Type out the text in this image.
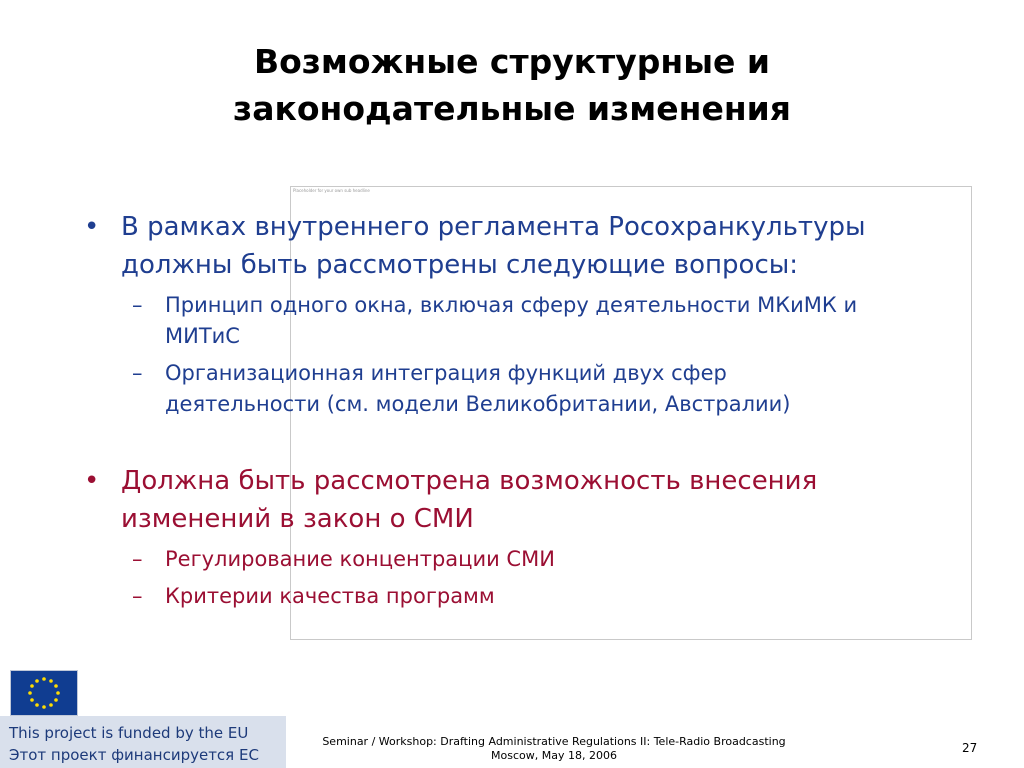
Возможные структурные и
законодательные изменения
Placeholder for your own sub headline
• В рамках внутреннего регламента Росохранкультуры
должны быть рассмотрены следующие вопросы:
– Принцип одного окна, включая сферу деятельности МКиМК и
МИТиС
– Организационная интеграция функций двух сфер
деятельности (см. модели Великобритании, Австралии)
• Должна быть рассмотрена возможность внесения
изменений в закон о СМИ
– Регулирование концентрации СМИ
– Критерии качества программ
This project is funded by the EU
Этот проект финансируется ЕС
Seminar / Workshop: Drafting Administrative Regulations II: Tele-Radio Broadcasting
Moscow, May 18, 2006
27
